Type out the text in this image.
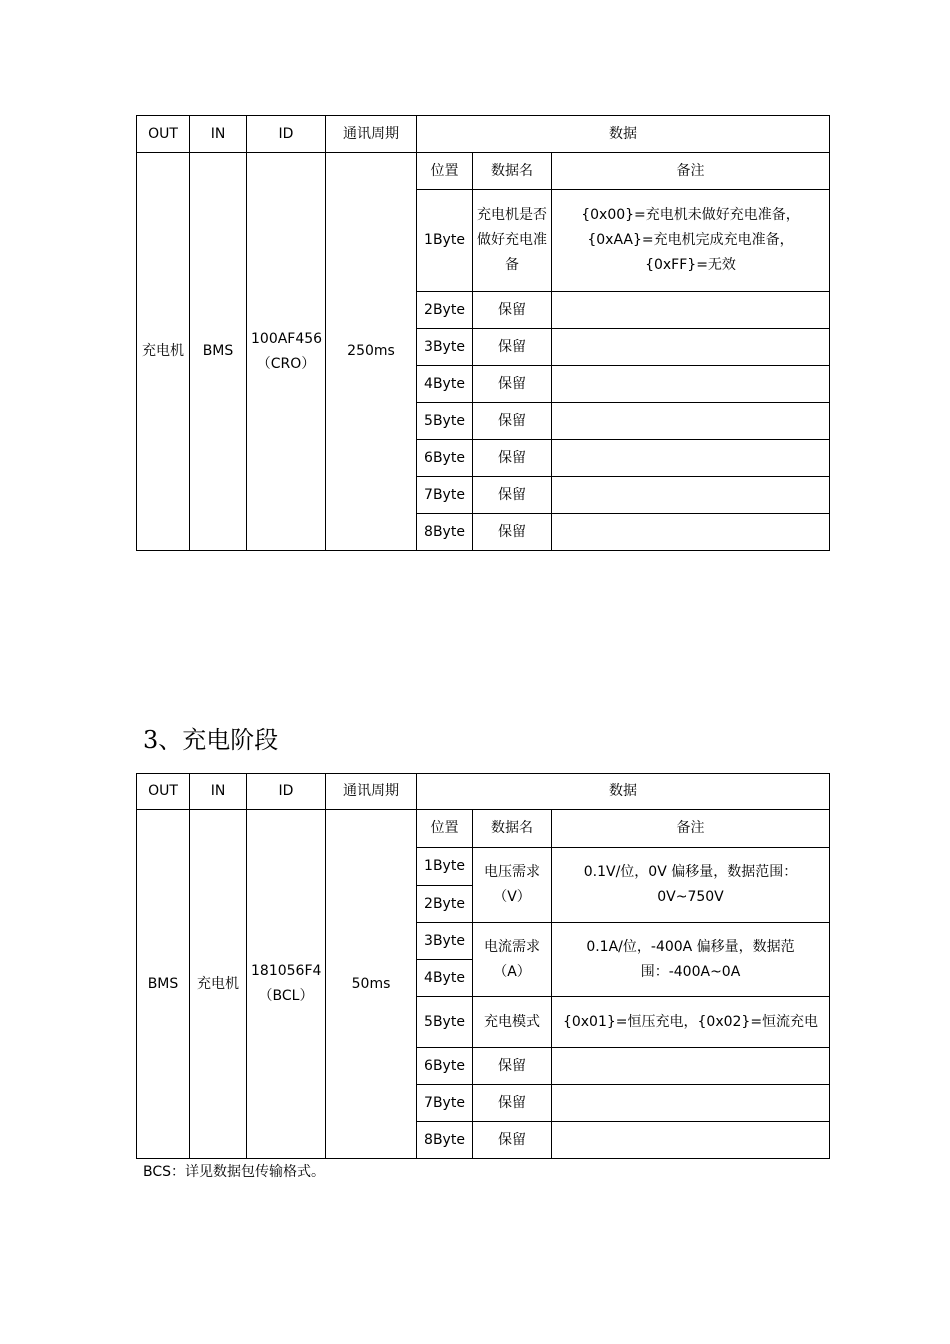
OUT	IN	ID	通讯周期	数据		
充电机	BMS	100AF456（CRO）	250ms	位置	数据名	备注
				1Byte	充电机是否做好充电准备	{0x00}=充电机未做好充电准备，
{0xAA}=充电机完成充电准备，
{0xFF}=无效

				2Byte	保留	
				3Byte	保留	
				4Byte	保留	
				5Byte	保留	
				6Byte	保留	
				7Byte	保留	
				8Byte	保留	
3、充电阶段
OUT	IN	ID	通讯周期	数据		
BMS	充电机	181056F4（BCL）	50ms	位置	数据名	备注
				1Byte	电压需求（V）	0.1V/位，0V 偏移量，数据范围：0V~750V
				2Byte		
				3Byte	电流需求（A）	0.1A/位，-400A 偏移量，数据范围：-400A~0A
				4Byte		
				5Byte	充电模式	{0x01}=恒压充电，{0x02}=恒流充电
				6Byte	保留	
				7Byte	保留	
				8Byte	保留	
BCS：详见数据包传输格式。
